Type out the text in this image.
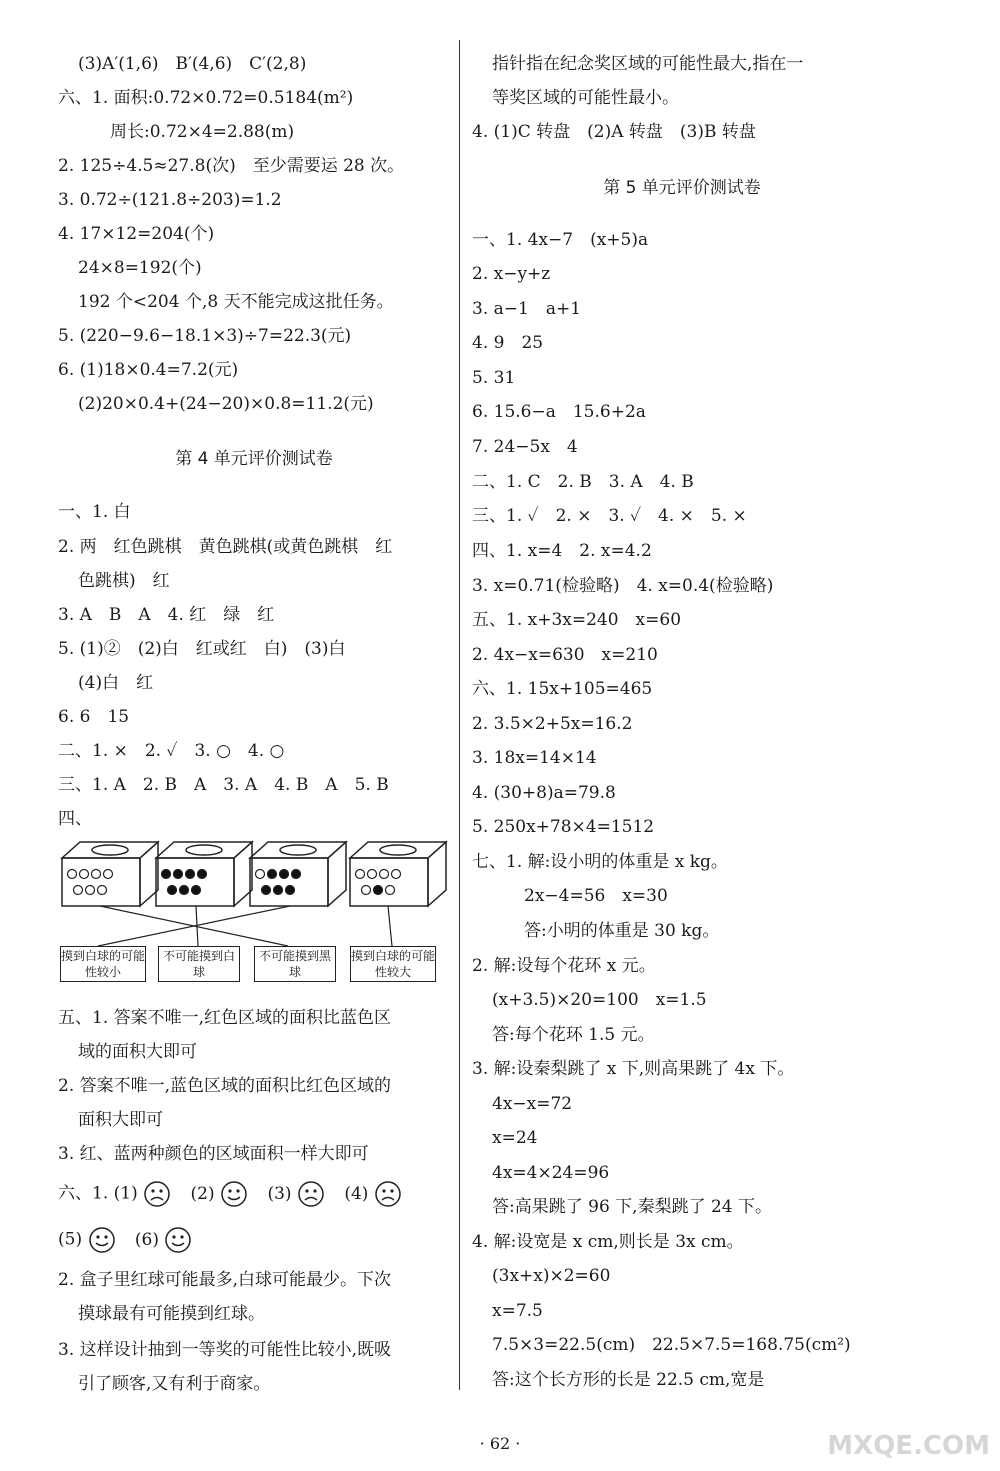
(3)A′(1,6)　B′(4,6)　C′(2,8)
六、1. 面积:0.72×0.72=0.5184(m²)
周长:0.72×4=2.88(m)
2. 125÷4.5≈27.8(次)　至少需要运 28 次。
3. 0.72÷(121.8÷203)=1.2
4. 17×12=204(个)
24×8=192(个)
192 个<204 个,8 天不能完成这批任务。
5. (220−9.6−18.1×3)÷7=22.3(元)
6. (1)18×0.4=7.2(元)
(2)20×0.4+(24−20)×0.8=11.2(元)
第 4 单元评价测试卷
一、1. 白
2. 两　红色跳棋　黄色跳棋(或黄色跳棋　红
色跳棋)　红
3. A　B　A　4. 红　绿　红
5. (1)②　(2)白　红或红　白)　(3)白
(4)白　红
6. 6　15
二、1. ×　2. ✓　3. ○　4. ○
三、1. A　2. B　A　3. A　4. B　A　5. B
四、
摸到白球的可能性较小
不可能摸到白球
不可能摸到黑球
摸到白球的可能性较大
五、1. 答案不唯一,红色区域的面积比蓝色区
域的面积大即可
2. 答案不唯一,蓝色区域的面积比红色区域的
面积大即可
3. 红、蓝两种颜色的区域面积一样大即可
六、1. (1)	(2)	(3)	(4)
(5)	(6)
2. 盒子里红球可能最多,白球可能最少。下次
摸球最有可能摸到红球。
3. 这样设计抽到一等奖的可能性比较小,既吸
引了顾客,又有利于商家。
指针指在纪念奖区域的可能性最大,指在一
等奖区域的可能性最小。
4. (1)C 转盘　(2)A 转盘　(3)B 转盘
第 5 单元评价测试卷
一、1. 4x−7　(x+5)a
2. x−y+z
3. a−1　a+1
4. 9　25
5. 31
6. 15.6−a　15.6+2a
7. 24−5x　4
二、1. C　2. B　3. A　4. B
三、1. ✓　2. ×　3. ✓　4. ×　5. ×
四、1. x=4　2. x=4.2
3. x=0.71(检验略)　4. x=0.4(检验略)
五、1. x+3x=240　x=60
2. 4x−x=630　x=210
六、1. 15x+105=465
2. 3.5×2+5x=16.2
3. 18x=14×14
4. (30+8)a=79.8
5. 250x+78×4=1512
七、1. 解:设小明的体重是 x kg。
2x−4=56　x=30
答:小明的体重是 30 kg。
2. 解:设每个花环 x 元。
(x+3.5)×20=100　x=1.5
答:每个花环 1.5 元。
3. 解:设秦梨跳了 x 下,则高果跳了 4x 下。
4x−x=72
x=24
4x=4×24=96
答:高果跳了 96 下,秦梨跳了 24 下。
4. 解:设宽是 x cm,则长是 3x cm。
(3x+x)×2=60
x=7.5
7.5×3=22.5(cm)　22.5×7.5=168.75(cm²)
答:这个长方形的长是 22.5 cm,宽是
· 62 ·	MXQE.COM
